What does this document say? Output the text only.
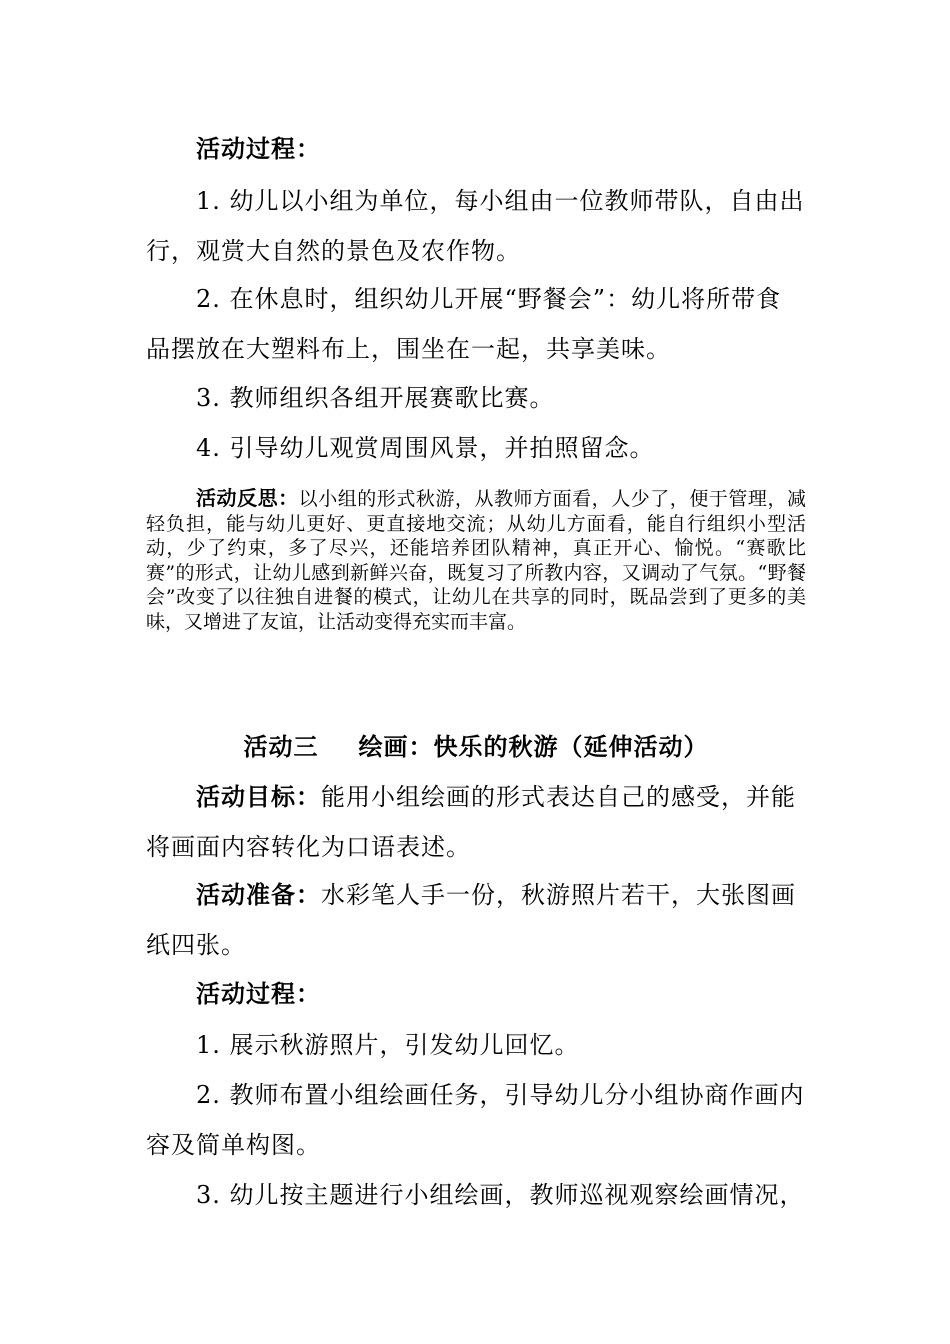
活动过程：

1. 幼儿以小组为单位，每小组由一位教师带队，自由出行，观赏大自然的景色及农作物。

2. 在休息时，组织幼儿开展“野餐会”：幼儿将所带食品摆放在大塑料布上，围坐在一起，共享美味。

3. 教师组织各组开展赛歌比赛。

4. 引导幼儿观赏周围风景，并拍照留念。

活动反思：以小组的形式秋游，从教师方面看，人少了，便于管理，减轻负担，能与幼儿更好、更直接地交流；从幼儿方面看，能自行组织小型活动，少了约束，多了尽兴，还能培养团队精神，真正开心、愉悦。“赛歌比赛”的形式，让幼儿感到新鲜兴奋，既复习了所教内容，又调动了气氛。“野餐会”改变了以往独自进餐的模式，让幼儿在共享的同时，既品尝到了更多的美味，又增进了友谊，让活动变得充实而丰富。

活动三 绘画：快乐的秋游（延伸活动）

活动目标：能用小组绘画的形式表达自己的感受，并能将画面内容转化为口语表述。

活动准备：水彩笔人手一份，秋游照片若干，大张图画纸四张。

活动过程：

1. 展示秋游照片，引发幼儿回忆。

2. 教师布置小组绘画任务，引导幼儿分小组协商作画内容及简单构图。

3. 幼儿按主题进行小组绘画，教师巡视观察绘画情况，
